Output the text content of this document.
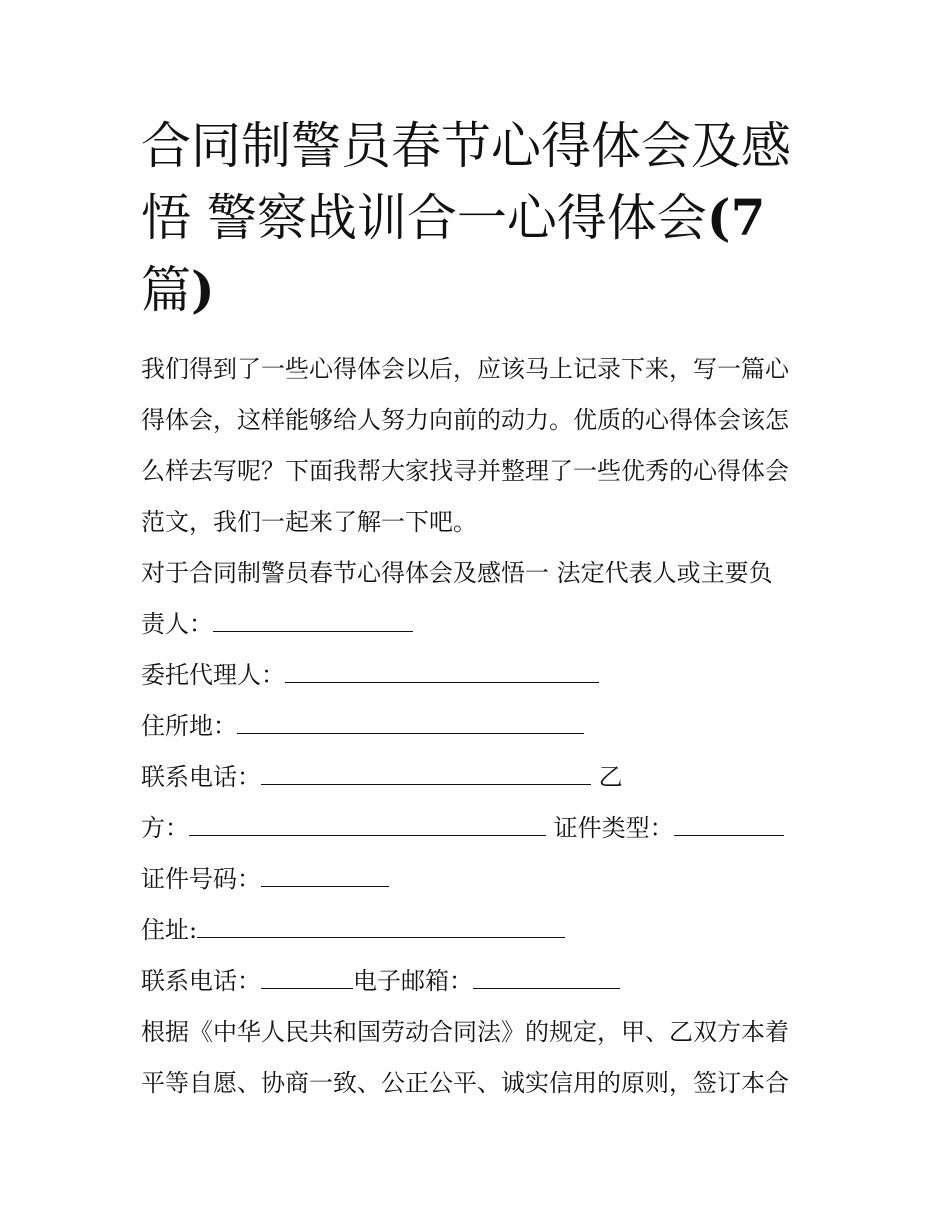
合同制警员春节心得体会及感
悟 警察战训合一心得体会(7
篇)

我们得到了一些心得体会以后，应该马上记录下来，写一篇心

得体会，这样能够给人努力向前的动力。优质的心得体会该怎

么样去写呢？下面我帮大家找寻并整理了一些优秀的心得体会

范文，我们一起来了解一下吧。

对于合同制警员春节心得体会及感悟一 法定代表人或主要负

责人：

委托代理人：

住所地：

联系电话：	乙

方：	证件类型：

证件号码：

住址:

联系电话：	电子邮箱：

根据《中华人民共和国劳动合同法》的规定，甲、乙双方本着

平等自愿、协商一致、公正公平、诚实信用的原则，签订本合
